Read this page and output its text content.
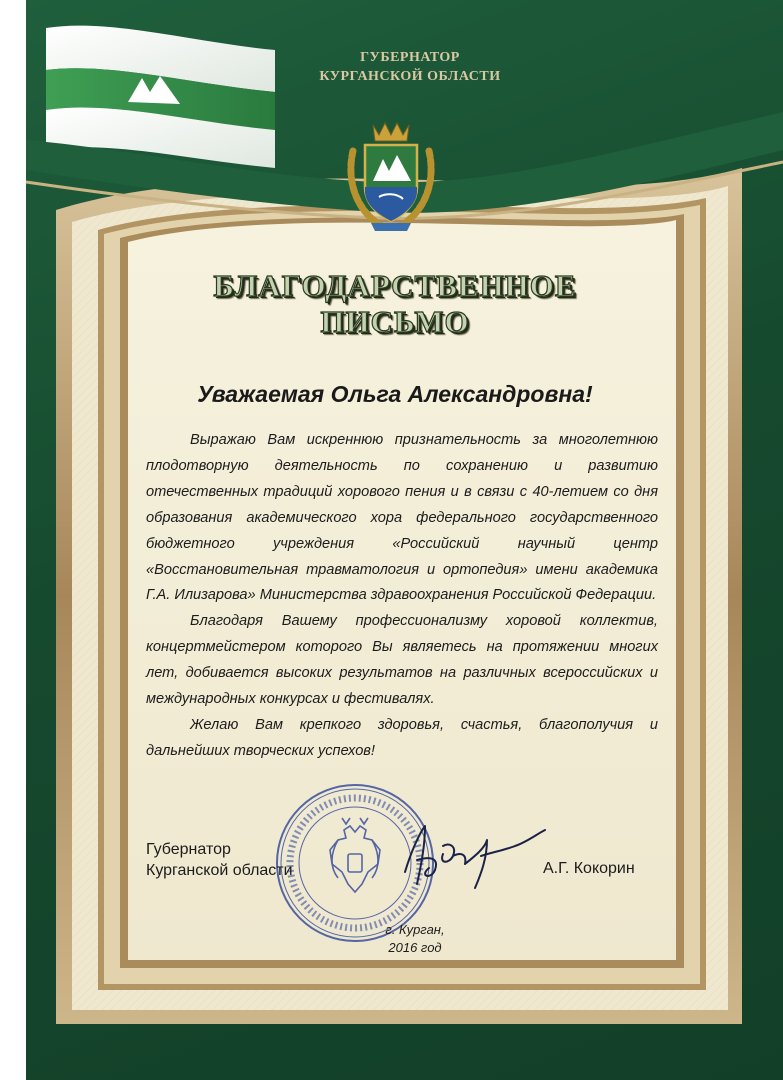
ГУБЕРНАТОР
КУРГАНСКОЙ ОБЛАСТИ
БЛАГОДАРСТВЕННОЕ
ПИСЬМО
Уважаемая Ольга Александровна!

Выражаю Вам искреннюю признательность за многолетнюю плодотворную деятельность по сохранению и развитию отечественных традиций хорового пения и в связи с 40-летием со дня образования академического хора федерального государственного бюджетного учреждения «Российский научный центр «Восстановительная травматология и ортопедия» имени академика Г.А. Илизарова» Министерства здравоохранения Российской Федерации.

Благодаря Вашему профессионализму хоровой коллектив, концертмейстером которого Вы являетесь на протяжении многих лет, добивается высоких результатов на различных всероссийских и международных конкурсах и фестивалях.

Желаю Вам крепкого здоровья, счастья, благополучия и дальнейших творческих успехов!

Губернатор
Курганской области	А.Г. Кокорин
г. Курган,
2016 год
